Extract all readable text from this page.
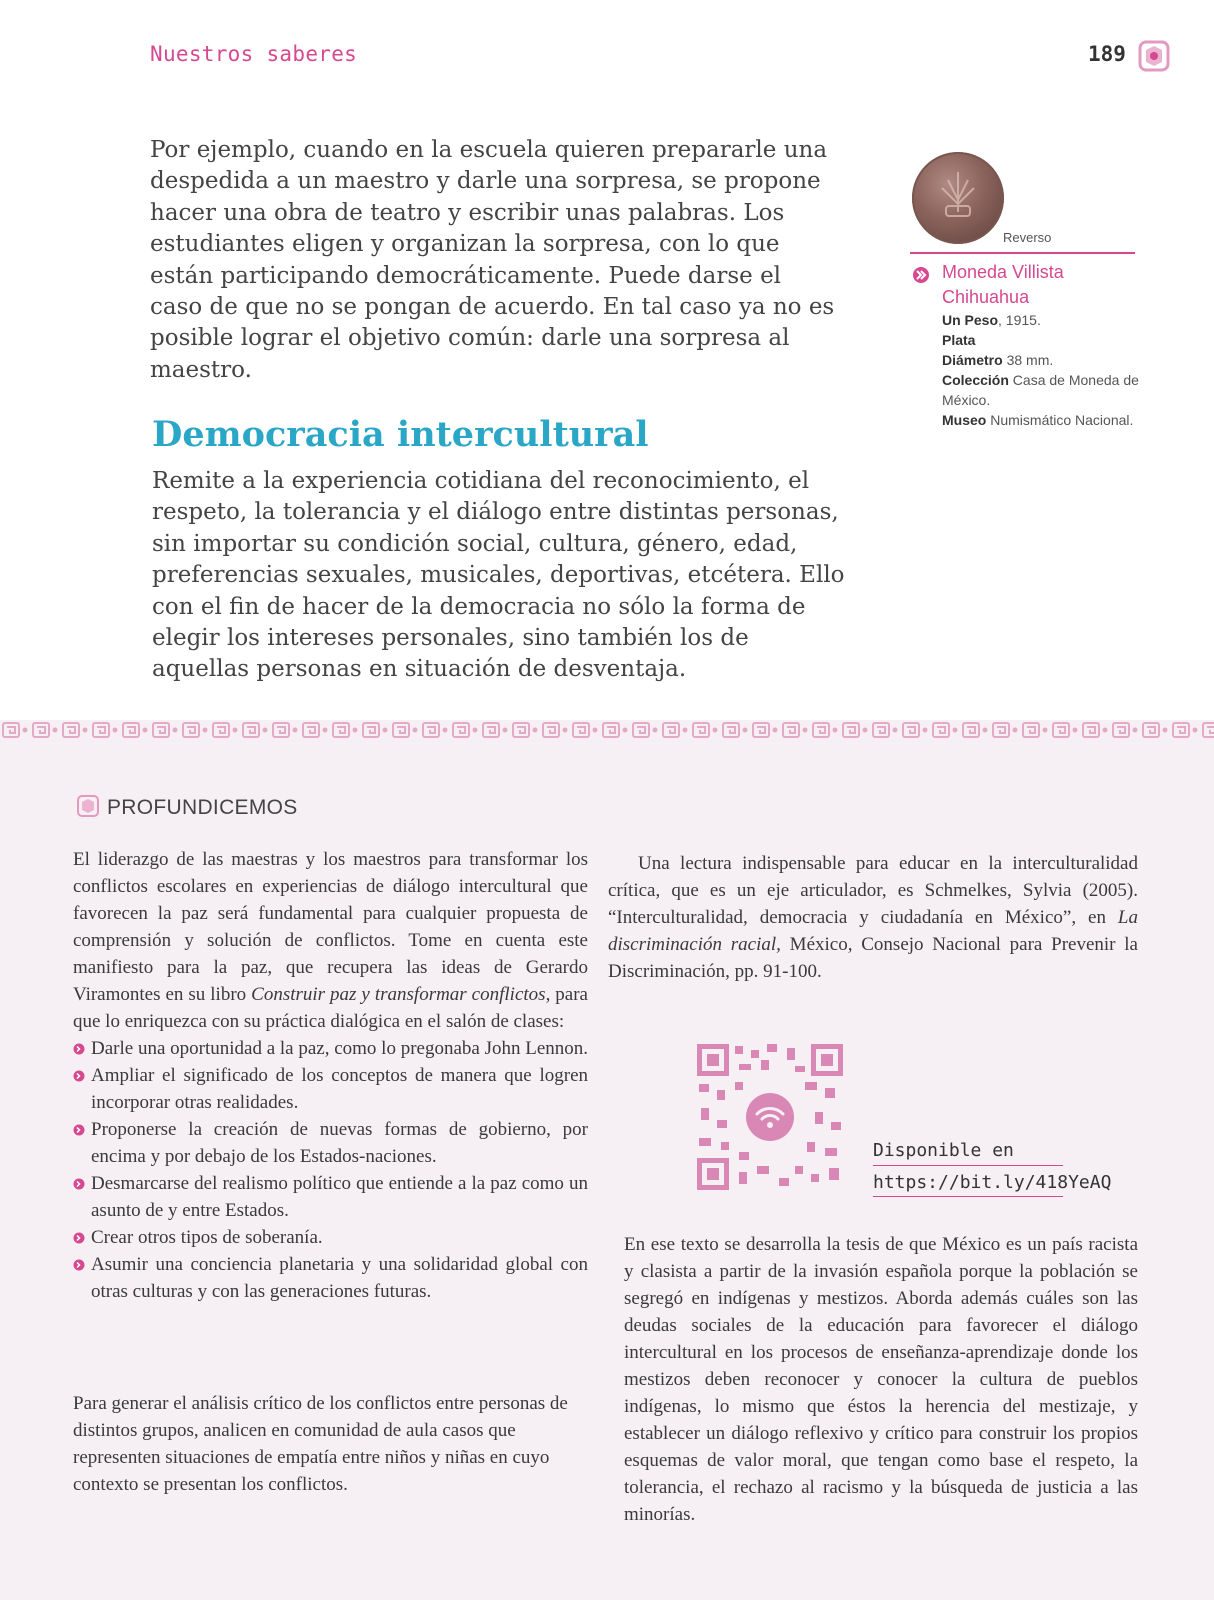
Nuestros saberes	189

Por ejemplo, cuando en la escuela quieren prepararle una despedida a un maestro y darle una sorpresa, se propone hacer una obra de teatro y escribir unas palabras. Los estudiantes eligen y organizan la sorpresa, con lo que están participando democráticamente. Puede darse el caso de que no se pongan de acuerdo. En tal caso ya no es posible lograr el objetivo común: darle una sorpresa al maestro.

Democracia intercultural

Remite a la experiencia cotidiana del reconocimiento, el respeto, la tolerancia y el diálogo entre distintas personas, sin importar su condición social, cultura, género, edad, preferencias sexuales, musicales, deportivas, etcétera. Ello con el fin de hacer de la democracia no sólo la forma de elegir los intereses personales, sino también los de aquellas personas en situación de desventaja.

Reverso
Moneda Villista Chihuahua
Un Peso, 1915.
Plata
Diámetro 38 mm.
Colección Casa de Moneda de México.
Museo Numismático Nacional.
PROFUNDICEMOS

El liderazgo de las maestras y los maestros para transformar los conflictos escolares en experiencias de diálogo intercultural que favorecen la paz será fundamental para cualquier propuesta de comprensión y solución de conflictos. Tome en cuenta este manifiesto para la paz, que recupera las ideas de Gerardo Viramontes en su libro Construir paz y transformar conflictos, para que lo enriquezca con su práctica dialógica en el salón de clases:

Darle una oportunidad a la paz, como lo pregonaba John Lennon.
Ampliar el significado de los conceptos de manera que logren incorporar otras realidades.
Proponerse la creación de nuevas formas de gobierno, por encima y por debajo de los Estados-naciones.
Desmarcarse del realismo político que entiende a la paz como un asunto de y entre Estados.
Crear otros tipos de soberanía.
Asumir una conciencia planetaria y una solidaridad global con otras culturas y con las generaciones futuras.

Para generar el análisis crítico de los conflictos entre personas de distintos grupos, analicen en comunidad de aula casos que representen situaciones de empatía entre niños y niñas en cuyo contexto se presentan los conflictos.

Una lectura indispensable para educar en la interculturalidad crítica, que es un eje articulador, es Schmelkes, Sylvia (2005). “Interculturalidad, democracia y ciudadanía en México”, en La discriminación racial, México, Consejo Nacional para Prevenir la Discriminación, pp. 91-100.

Disponible en
https://bit.ly/418YeAQ

En ese texto se desarrolla la tesis de que México es un país racista y clasista a partir de la invasión española porque la población se segregó en indígenas y mestizos. Aborda además cuáles son las deudas sociales de la educación para favorecer el diálogo intercultural en los procesos de enseñanza-aprendizaje donde los mestizos deben reconocer y conocer la cultura de pueblos indígenas, lo mismo que éstos la herencia del mestizaje, y establecer un diálogo reflexivo y crítico para construir los propios esquemas de valor moral, que tengan como base el respeto, la tolerancia, el rechazo al racismo y la búsqueda de justicia a las minorías.
